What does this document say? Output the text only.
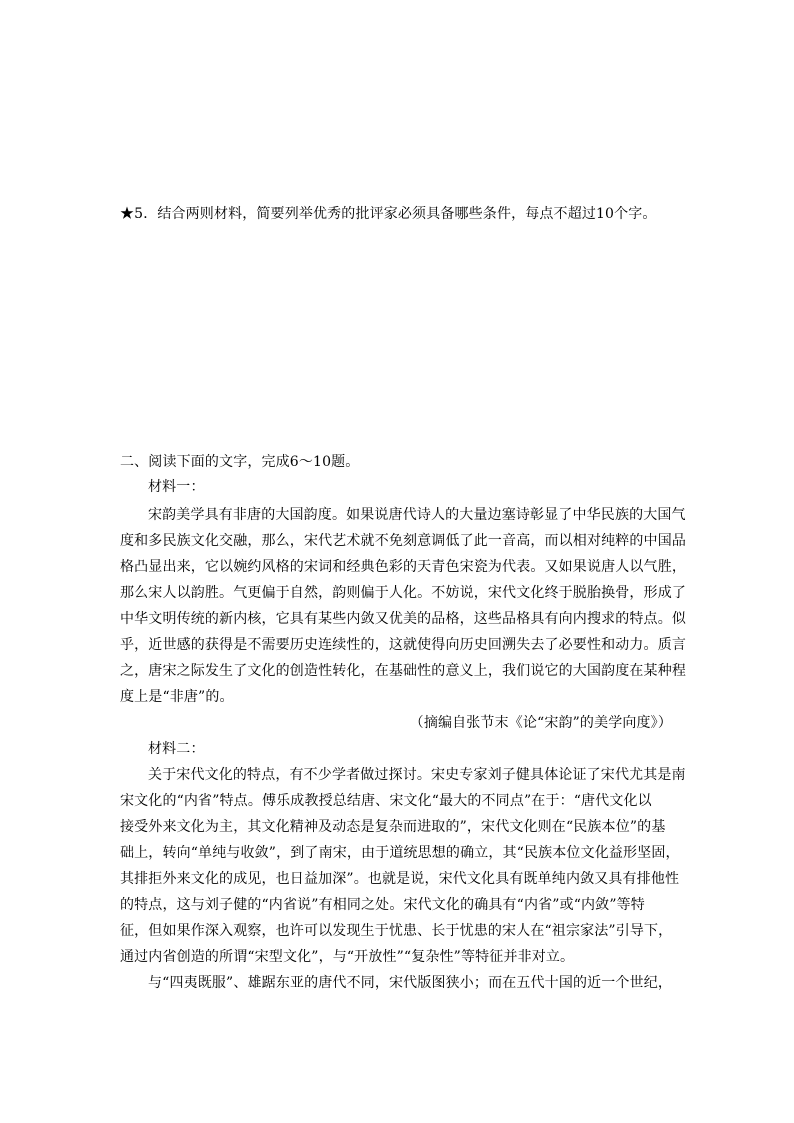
★5．结合两则材料，简要列举优秀的批评家必须具备哪些条件，每点不超过10个字。
二、阅读下面的文字，完成6～10题。
材料一：
宋韵美学具有非唐的大国韵度。如果说唐代诗人的大量边塞诗彰显了中华民族的大国气
度和多民族文化交融，那么，宋代艺术就不免刻意调低了此一音高，而以相对纯粹的中国品
格凸显出来，它以婉约风格的宋词和经典色彩的天青色宋瓷为代表。又如果说唐人以气胜，
那么宋人以韵胜。气更偏于自然，韵则偏于人化。不妨说，宋代文化终于脱胎换骨，形成了
中华文明传统的新内核，它具有某些内敛又优美的品格，这些品格具有向内搜求的特点。似
乎，近世感的获得是不需要历史连续性的，这就使得向历史回溯失去了必要性和动力。质言
之，唐宋之际发生了文化的创造性转化，在基础性的意义上，我们说它的大国韵度在某种程
度上是“非唐”的。
（摘编自张节末《论“宋韵”的美学向度》）
材料二：
关于宋代文化的特点，有不少学者做过探讨。宋史专家刘子健具体论证了宋代尤其是南
宋文化的“内省”特点。傅乐成教授总结唐、宋文化“最大的不同点”在于：“唐代文化以
接受外来文化为主，其文化精神及动态是复杂而进取的”，宋代文化则在“民族本位”的基
础上，转向“单纯与收敛”，到了南宋，由于道统思想的确立，其“民族本位文化益形坚固，
其排拒外来文化的成见，也日益加深”。也就是说，宋代文化具有既单纯内敛又具有排他性
的特点，这与刘子健的“内省说”有相同之处。宋代文化的确具有“内省”或“内敛”等特
征，但如果作深入观察，也许可以发现生于忧患、长于忧患的宋人在“祖宗家法”引导下，
通过内省创造的所谓“宋型文化”，与“开放性”“复杂性”等特征并非对立。
与“四夷既服”、雄踞东亚的唐代不同，宋代版图狭小；而在五代十国的近一个世纪，
